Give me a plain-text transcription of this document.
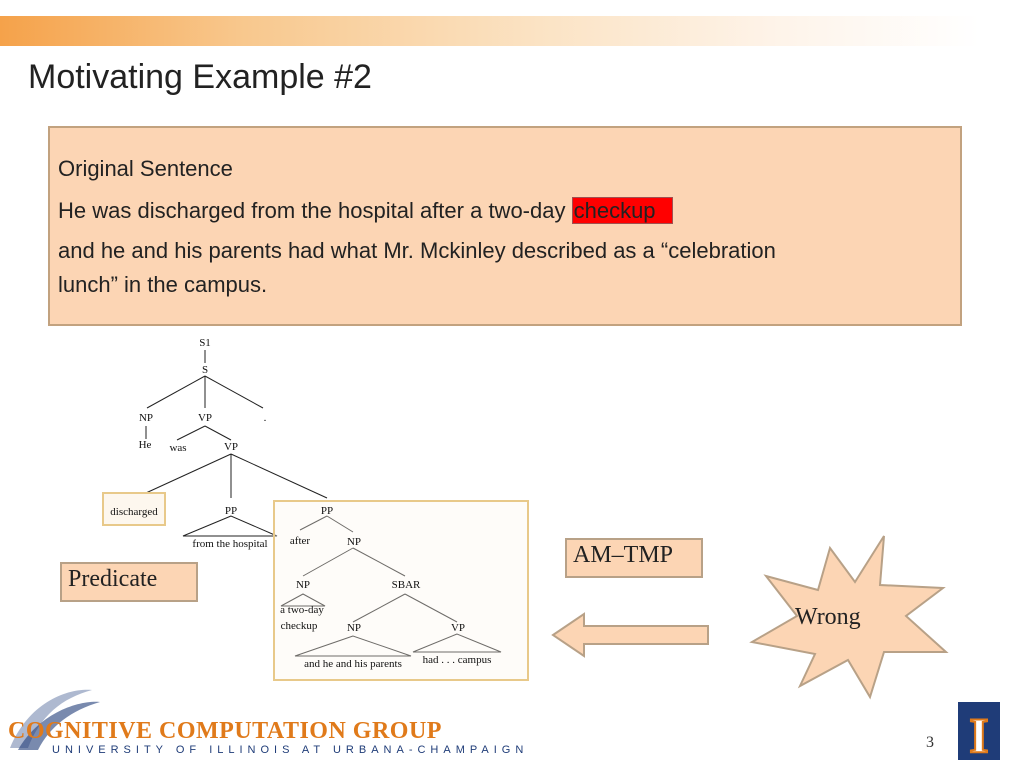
Motivating Example #2
Original Sentence
He was discharged from the hospital after a two-day checkup
and he and his parents had what Mr. Mckinley described as a “celebration
lunch” in the campus.
S1
S
NP	VP	.
He was	VP
discharged	PP	PP
from the hospital after	NP
NP	SBAR
a two-day
checkup	NP	VP
and he and his parents had . . . campus
Predicate
AM–TMP
I
Wrong
COGNITIVE COMPUTATION GROUP
UNIVERSITY OF ILLINOIS AT URBANA-CHAMPAIGN	3
